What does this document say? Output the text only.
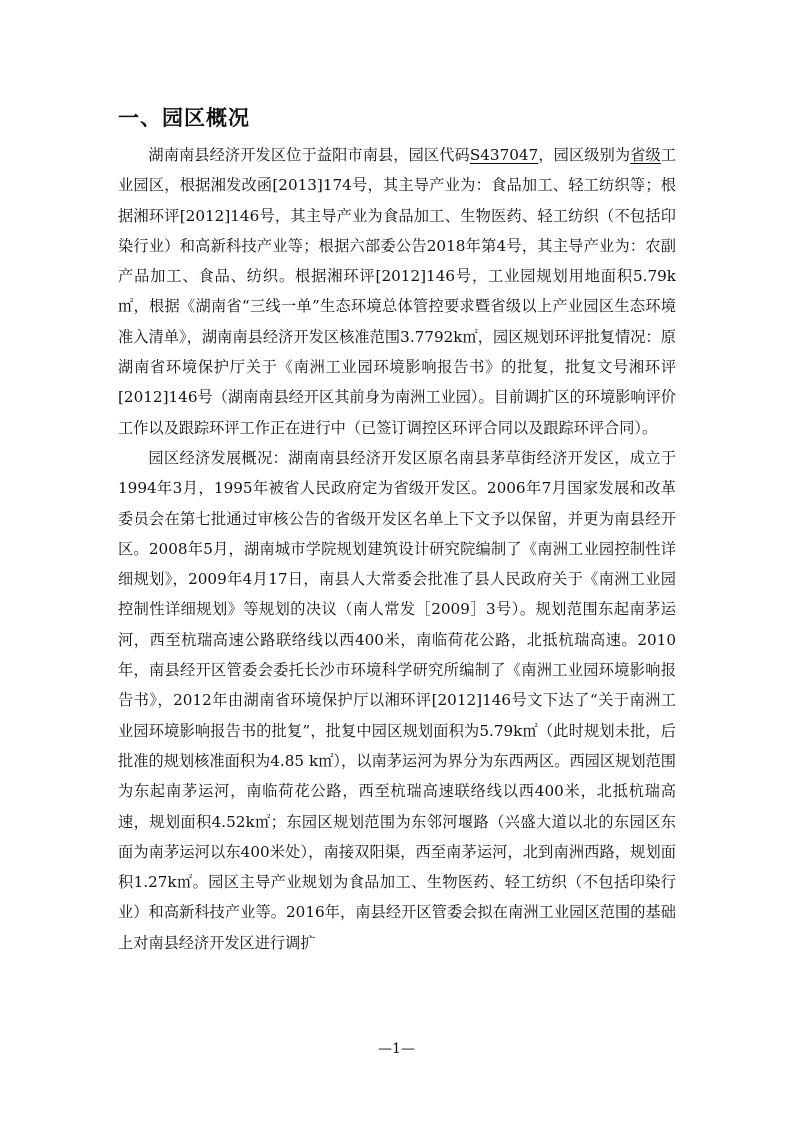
一、园区概况

湖南南县经济开发区位于益阳市南县，园区代码S437047，园区级别为省级工业园区，根据湘发改函[2013]174号，其主导产业为：食品加工、轻工纺织等；根据湘环评[2012]146号，其主导产业为食品加工、生物医药、轻工纺织（不包括印染行业）和高新科技产业等；根据六部委公告2018年第4号，其主导产业为：农副产品加工、食品、纺织。根据湘环评[2012]146号，工业园规划用地面积5.79k㎡，根据《湖南省“三线一单”生态环境总体管控要求暨省级以上产业园区生态环境准入清单》，湖南南县经济开发区核准范围3.7792k㎡，园区规划环评批复情况：原湖南省环境保护厅关于《南洲工业园环境影响报告书》的批复，批复文号湘环评[2012]146号（湖南南县经开区其前身为南洲工业园）。目前调扩区的环境影响评价工作以及跟踪环评工作正在进行中（已签订调控区环评合同以及跟踪环评合同）。

园区经济发展概况：湖南南县经济开发区原名南县茅草街经济开发区，成立于1994年3月，1995年被省人民政府定为省级开发区。2006年7月国家发展和改革委员会在第七批通过审核公告的省级开发区名单上下文予以保留，并更为南县经开区。2008年5月，湖南城市学院规划建筑设计研究院编制了《南洲工业园控制性详细规划》，2009年4月17日，南县人大常委会批准了县人民政府关于《南洲工业园控制性详细规划》等规划的决议（南人常发［2009］3号）。规划范围东起南茅运河，西至杭瑞高速公路联络线以西400米，南临荷花公路，北抵杭瑞高速。2010年，南县经开区管委会委托长沙市环境科学研究所编制了《南洲工业园环境影响报告书》，2012年由湖南省环境保护厅以湘环评[2012]146号文下达了“关于南洲工业园环境影响报告书的批复”，批复中园区规划面积为5.79k㎡（此时规划未批，后批准的规划核准面积为4.85 k㎡），以南茅运河为界分为东西两区。西园区规划范围为东起南茅运河，南临荷花公路，西至杭瑞高速联络线以西400米，北抵杭瑞高速，规划面积4.52k㎡；东园区规划范围为东邻河堰路（兴盛大道以北的东园区东面为南茅运河以东400米处），南接双阳渠，西至南茅运河，北到南洲西路，规划面积1.27k㎡。园区主导产业规划为食品加工、生物医药、轻工纺织（不包括印染行业）和高新科技产业等。2016年，南县经开区管委会拟在南洲工业园区范围的基础上对南县经济开发区进行调扩

—1—
